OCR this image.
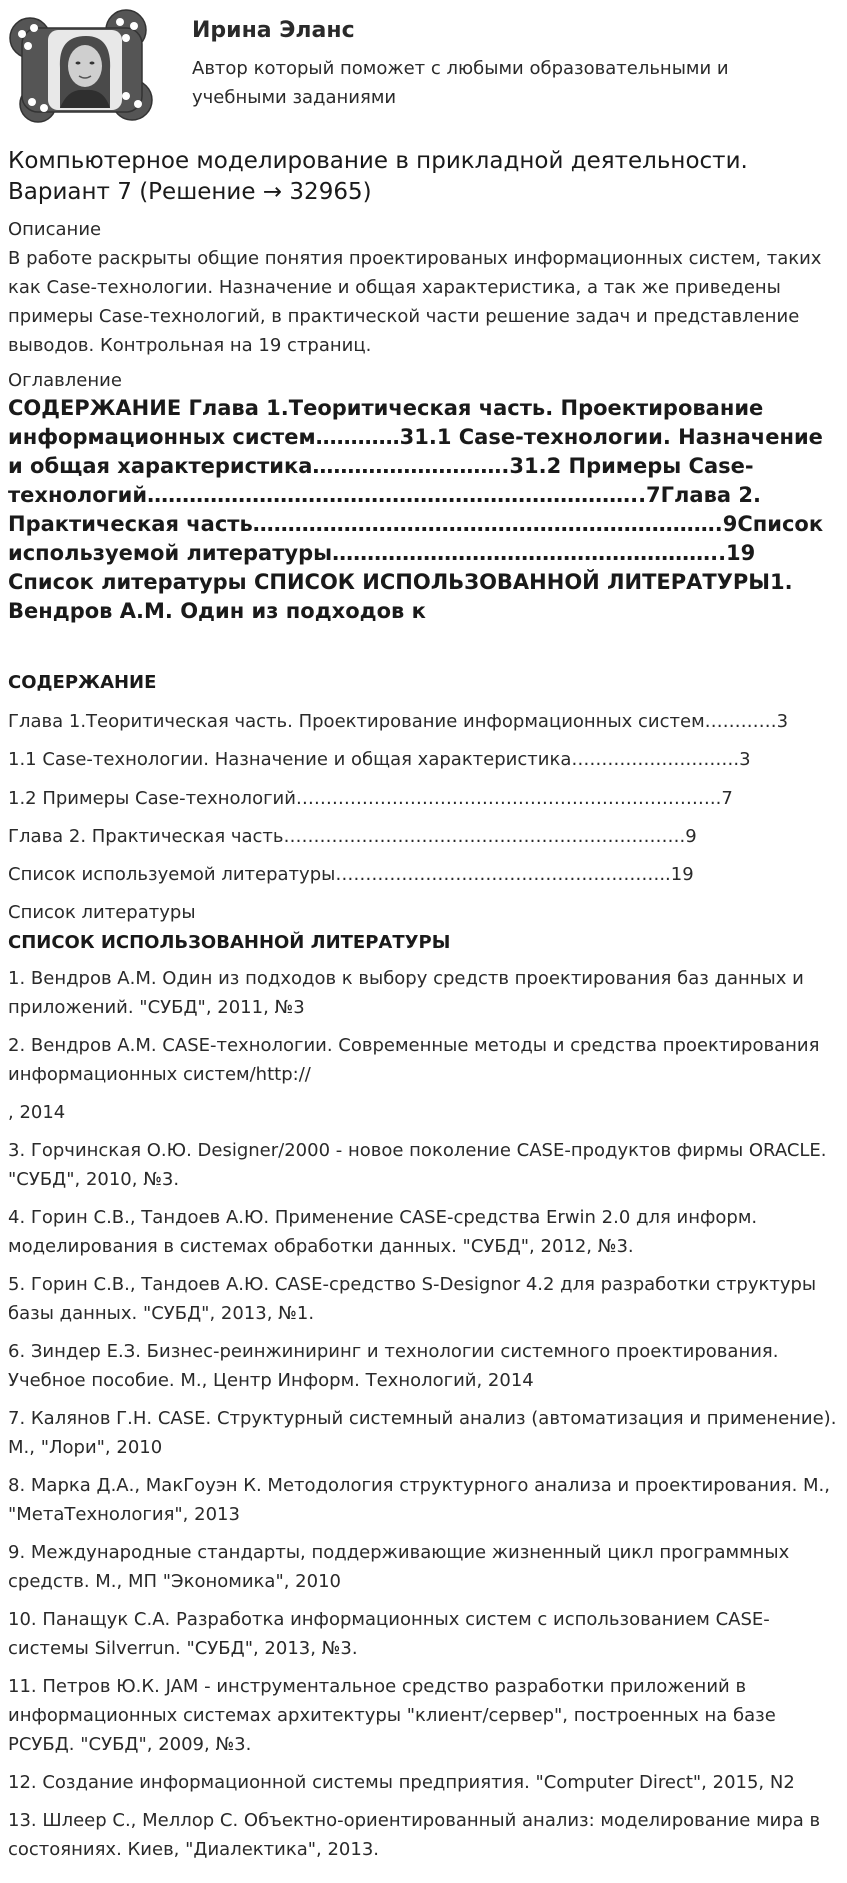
Ирина Эланс
Автор который поможет с любыми образовательными и учебными заданиями
Компьютерное моделирование в прикладной деятельности. Вариант 7 (Решение → 32965)
Описание
В работе раскрыты общие понятия проектированых информационных систем, таких как Case-технологии. Назначение и общая характеристика, а так же приведены примеры Case-технологий, в практической части решение задач и представление выводов. Контрольная на 19 страниц.
Оглавление
СОДЕРЖАНИЕ Глава 1.Теоритическая часть. Проектирование информационных систем…………31.1 Case-технологии. Назначение и общая характеристика……………………….31.2 Примеры Case-технологий……………………………………………………………..7Глава 2. Практическая часть………………………………………………………….9Список используемой литературы………………………………………………..19 Список литературы СПИСОК ИСПОЛЬЗОВАННОЙ ЛИТЕРАТУРЫ1. Вендров А.М. Один из подходов к
СОДЕРЖАНИЕ
Глава 1.Теоритическая часть. Проектирование информационных систем…………3
1.1 Case-технологии. Назначение и общая характеристика……………………….3
1.2 Примеры Case-технологий……………………………………………………………..7
Глава 2. Практическая часть………………………………………………………….9
Список используемой литературы………………………………………………..19
Список литературы
СПИСОК ИСПОЛЬЗОВАННОЙ ЛИТЕРАТУРЫ
1. Вендров А.М. Один из подходов к выбору средств проектирования баз данных и приложений. "СУБД", 2011, №3
2. Вендров А.М. CASE-технологии. Современные методы и средства проектирования информационных систем/http://
, 2014
3. Горчинская О.Ю. Designer/2000 - новое поколение CASE-продуктов фирмы ORACLE. "СУБД", 2010, №3.
4. Горин С.В., Тандоев А.Ю. Применение CASE-средства Erwin 2.0 для информ. моделирования в системах обработки данных. "СУБД", 2012, №3.
5. Горин С.В., Тандоев А.Ю. CASE-средство S-Designor 4.2 для разработки структуры базы данных. "СУБД", 2013, №1.
6. Зиндер Е.З. Бизнес-реинжиниринг и технологии системного проектирования. Учебное пособие. М., Центр Информ. Технологий, 2014
7. Калянов Г.Н. CASE. Структурный системный анализ (автоматизация и применение). М., "Лори", 2010
8. Марка Д.А., МакГоуэн К. Методология структурного анализа и проектирования. М., "МетаТехнология", 2013
9. Международные стандарты, поддерживающие жизненный цикл программных средств. М., МП "Экономика", 2010
10. Панащук С.А. Разработка информационных систем с использованием CASE-системы Silverrun. "СУБД", 2013, №3.
11. Петров Ю.К. JAM - инструментальное средство разработки приложений в информационных системах архитектуры "клиент/сервер", построенных на базе РСУБД. "СУБД", 2009, №3.
12. Создание информационной системы предприятия. "Computer Direct", 2015, N2
13. Шлеер С., Меллор С. Объектно-ориентированный анализ: моделирование мира в состояниях. Киев, "Диалектика", 2013.
